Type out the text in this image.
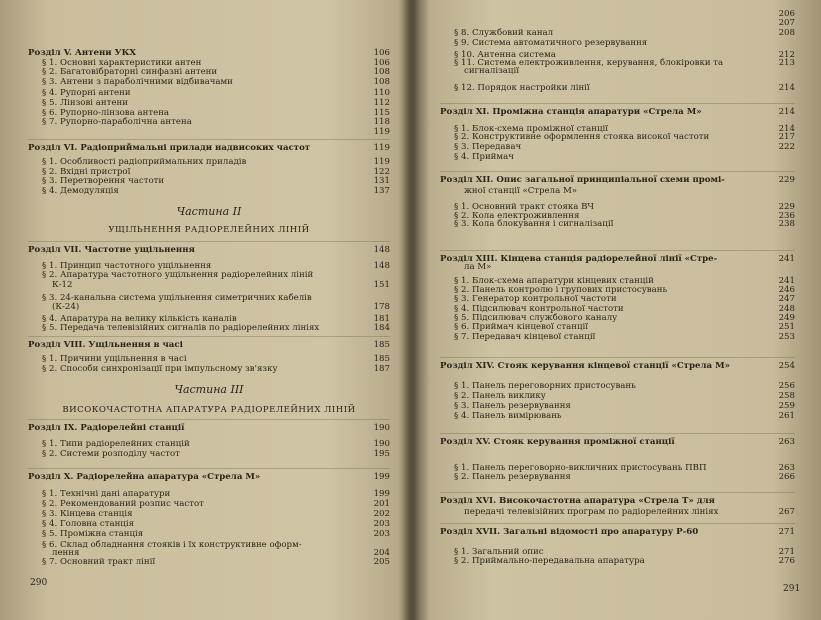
Розділ V. Антени УКХ	106
§ 1. Основні характеристики антен	106
§ 2. Багатовібраторні синфазні антени	108
§ 3. Антени з параболічними відбивачами	108
§ 4. Рупорні антени	110
§ 5. Лінзові антени	112
§ 6. Рупорно-лінзова антена	115
§ 7. Рупорно-параболічна антена	118
119
Розділ VI. Радіоприймальні прилади надвисоких частот	119
§ 1. Особливості радіоприймальних приладів	119
§ 2. Вхідні пристрої	122
§ 3. Перетворення частоти	131
§ 4. Демодуляція	137
Частина II
УЩІЛЬНЕННЯ РАДІОРЕЛЕЙНИХ ЛІНІЙ
Розділ VII. Частотне ущільнення	148
§ 1. Принцип частотного ущільнення	148
§ 2. Апаратура частотного ущільнення радіорелейних ліній
К-12	151
§ 3. 24-канальна система ущільнення симетричних кабелів
(К-24)	178
§ 4. Апаратура на велику кількість каналів	181
§ 5. Передача телевізійних сигналів по радіорелейних лініях	184
Розділ VIII. Ущільнення в часі	185
§ 1. Причини ущільнення в часі	185
§ 2. Способи синхронізації при імпульсному зв'язку	187
Частина III
ВИСОКОЧАСТОТНА АПАРАТУРА РАДІОРЕЛЕЙНИХ ЛІНІЙ
Розділ IX. Радіорелейні станції	190
§ 1. Типи радіорелейних станцій	190
§ 2. Системи розподілу частот	195
Розділ X. Радіорелейна апаратура «Стрела М»	199
§ 1. Технічні дані апаратури	199
§ 2. Рекомендований розпис частот	201
§ 3. Кінцева станція	202
§ 4. Головна станція	203
§ 5. Проміжна станція	203
§ 6. Склад обладнання стояків і їх конструктивне оформ-
лення	204
§ 7. Основний тракт лінії	205
206
207
§ 8. Службовий канал	208
§ 9. Система автоматичного резервування
§ 10. Антенна система	212
§ 11. Система електроживлення, керування, блокіровки та	213
сигналізації
§ 12. Порядок настройки лінії	214
Розділ XI. Проміжна станція апаратури «Стрела М»	214
§ 1. Блок-схема проміжної станції	214
§ 2. Конструктивне оформлення стояка високої частоти	217
§ 3. Передавач	222
§ 4. Приймач
Розділ XII. Опис загальної принципіальної схеми промі-	229
жної станції «Стрела М»
§ 1. Основний тракт стояка ВЧ	229
§ 2. Кола електроживлення	236
§ 3. Кола блокування і сигналізації	238
Розділ XIII. Кінцева станція радіорелейної лінії «Стре-	241
ла М»
§ 1. Блок-схема апаратури кінцевих станцій	241
§ 2. Панель контролю і групових пристосувань	246
§ 3. Генератор контрольної частоти	247
§ 4. Підсилювач контрольної частоти	248
§ 5. Підсилювач службового каналу	249
§ 6. Приймач кінцевої станції	251
§ 7. Передавач кінцевої станції	253
Розділ XIV. Стояк керування кінцевої станції «Стрела М»	254
§ 1. Панель переговорних пристосувань	256
§ 2. Панель виклику	258
§ 3. Панель резервування	259
§ 4. Панель вимірювань	261
Розділ XV. Стояк керування проміжної станції	263
§ 1. Панель переговорно-викличних пристосувань ПВП	263
§ 2. Панель резервування	266
Розділ XVI. Високочастотна апаратура «Стрела Т» для
передачі телевізійних програм по радіорелейних лініях	267
Розділ XVII. Загальні відомості про апаратуру Р-60	271
§ 1. Загальний опис	271
§ 2. Приймально-передавальна апаратура	276
290
291
